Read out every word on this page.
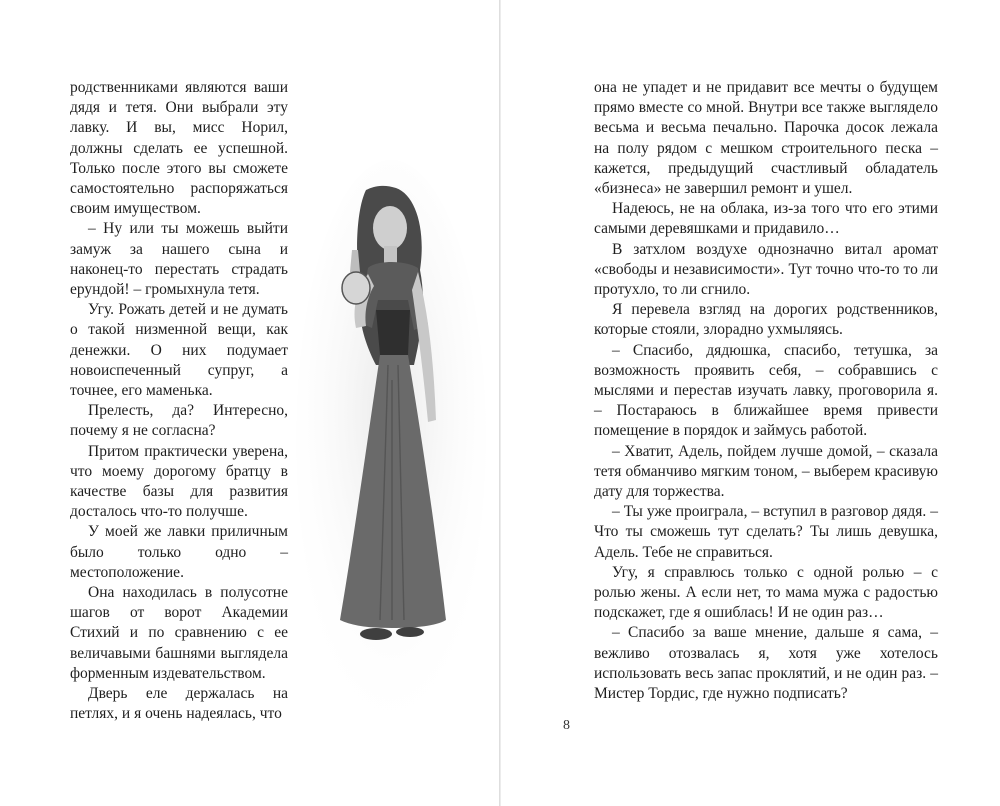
родственниками являются ваши дядя и тетя. Они выбрали эту лавку. И вы, мисс Норил, должны сделать ее успешной. Только после этого вы сможете самостоятельно распоряжаться своим имуществом.

– Ну или ты можешь выйти замуж за нашего сына и наконец-то перестать страдать ерундой! – громыхнула тетя.

Угу. Рожать детей и не думать о такой низменной вещи, как денежки. О них подумает новоиспеченный супруг, а точнее, его маменька.

Прелесть, да? Интересно, почему я не согласна?

Притом практически уверена, что моему дорогому братцу в качестве базы для развития досталось что-то получше.

У моей же лавки приличным было только одно – местоположение.

Она находилась в полусотне шагов от ворот Академии Стихий и по сравнению с ее величавыми башнями выглядела форменным издевательством.

Дверь еле держалась на петлях, и я очень надеялась, что

она не упадет и не придавит все мечты о будущем прямо вместе со мной. Внутри все также выглядело весьма и весьма печально. Парочка досок лежала на полу рядом с мешком строительного песка – кажется, предыдущий счастливый обладатель «бизнеса» не завершил ремонт и ушел.

Надеюсь, не на облака, из-за того что его этими самыми деревяшками и придавило…

В затхлом воздухе однозначно витал аромат «свободы и независимости». Тут точно что-то то ли протухло, то ли сгнило.

Я перевела взгляд на дорогих родственников, которые стояли, злорадно ухмыляясь.

– Спасибо, дядюшка, спасибо, тетушка, за возможность проявить себя, – собравшись с мыслями и перестав изучать лавку, проговорила я. – Постараюсь в ближайшее время привести помещение в порядок и займусь работой.

– Хватит, Адель, пойдем лучше домой, – сказала тетя обманчиво мягким тоном, – выберем красивую дату для торжества.

– Ты уже проиграла, – вступил в разговор дядя. – Что ты сможешь тут сделать? Ты лишь девушка, Адель. Тебе не справиться.

Угу, я справлюсь только с одной ролью – с ролью жены. А если нет, то мама мужа с радостью подскажет, где я ошиблась! И не один раз…

– Спасибо за ваше мнение, дальше я сама, – вежливо отозвалась я, хотя уже хотелось использовать весь запас проклятий, и не один раз. – Мистер Тордис, где нужно подписать?

8
